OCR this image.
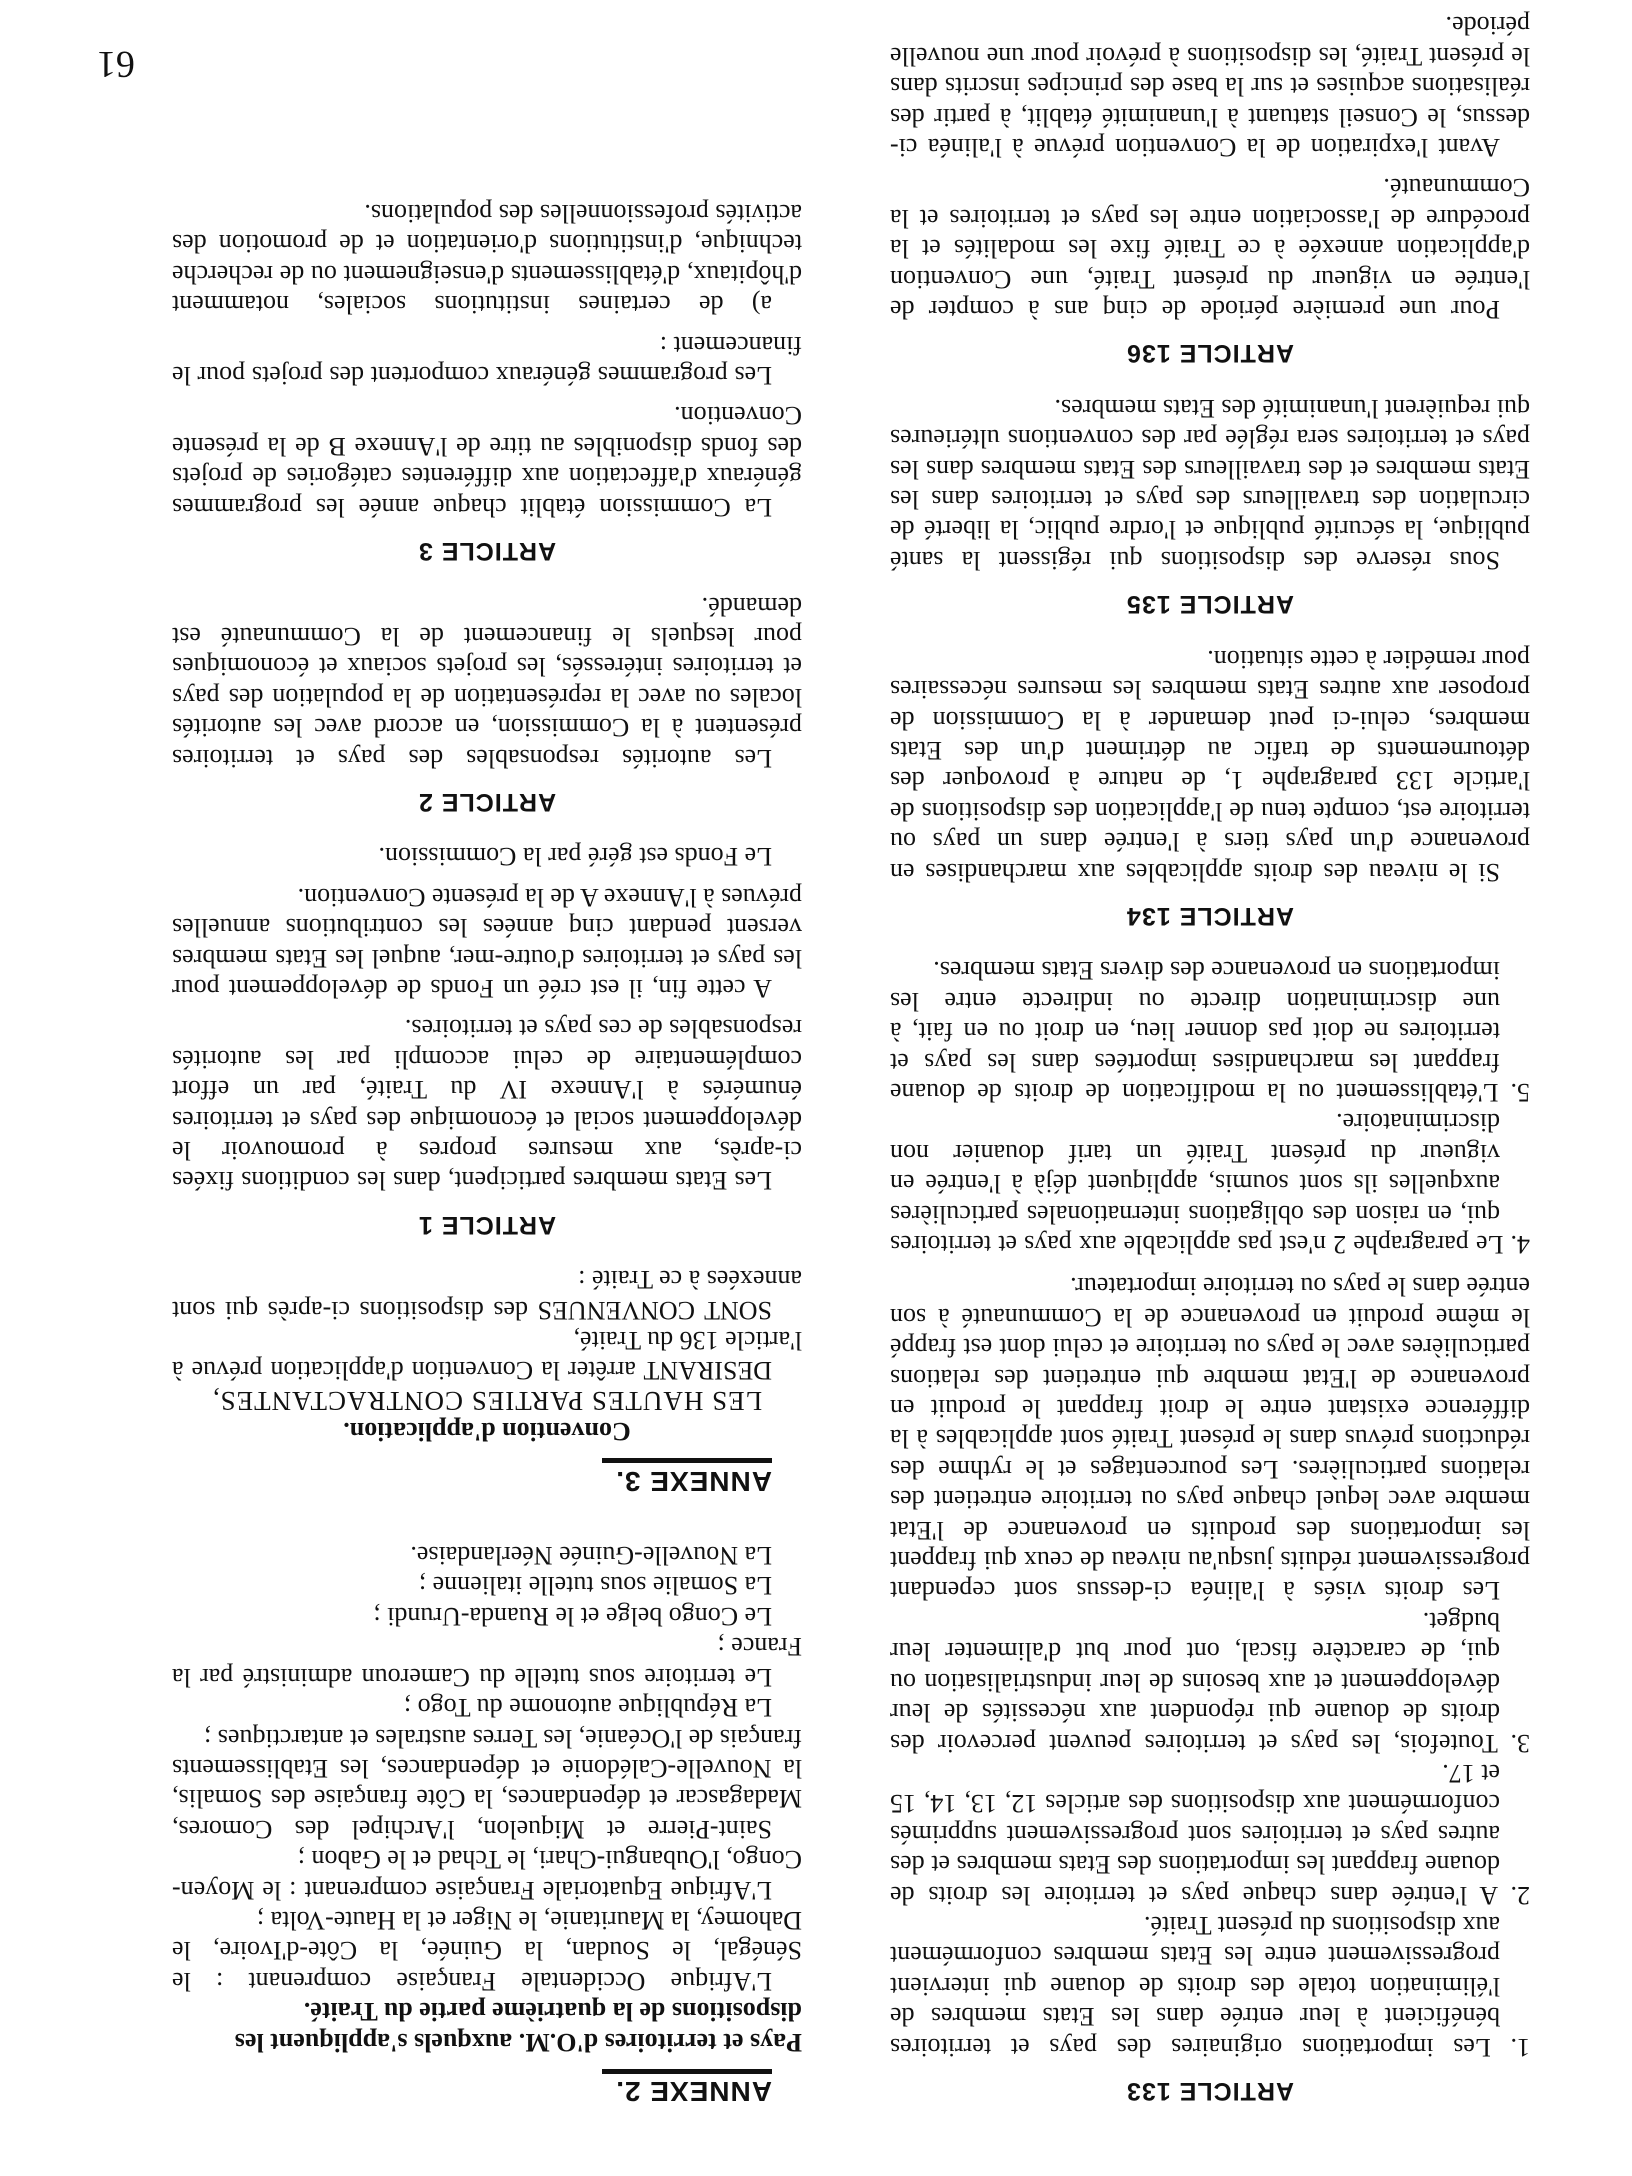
ARTICLE 133

1. Les importations originaires des pays et territoires bénéficient à leur entrée dans les Etats membres de l'élimination totale des droits de douane qui intervient progressivement entre les Etats membres conformément aux dispositions du présent Traité.

2. A l'entrée dans chaque pays et territoire les droits de douane frappant les importations des Etats membres et des autres pays et territoires sont progressivement supprimés conformément aux dispositions des articles 12, 13, 14, 15 et 17.

3. Toutefois, les pays et territoires peuvent percevoir des droits de douane qui répondent aux nécessités de leur développement et aux besoins de leur industrialisation ou qui, de caractère fiscal, ont pour but d'alimenter leur budget.

Les droits visés à l'alinéa ci-dessus sont cependant progressivement réduits jusqu'au niveau de ceux qui frappent les importations des produits en provenance de l'Etat membre avec lequel chaque pays ou territoire entretient des relations particulières. Les pourcentages et le rythme des réductions prévus dans le présent Traité sont applicables à la différence existant entre le droit frappant le produit en provenance de l'Etat membre qui entretient des relations particulières avec le pays ou territoire et celui dont est frappé le même produit en provenance de la Communauté à son entrée dans le pays ou territoire importateur.

4. Le paragraphe 2 n'est pas applicable aux pays et territoires qui, en raison des obligations internationales particulières auxquelles ils sont soumis, appliquent déjà à l'entrée en vigueur du présent Traité un tarif douanier non discriminatoire.

5. L'établissement ou la modification de droits de douane frappant les marchandises importées dans les pays et territoires ne doit pas donner lieu, en droit ou en fait, à une discrimination directe ou indirecte entre les importations en provenance des divers Etats membres.

ARTICLE 134

Si le niveau des droits applicables aux marchandises en provenance d'un pays tiers à l'entrée dans un pays ou territoire est, compte tenu de l'application des dispositions de l'article 133 paragraphe 1, de nature à provoquer des détournements de trafic au détriment d'un des Etats membres, celui-ci peut demander à la Commission de proposer aux autres Etats membres les mesures nécessaires pour remédier à cette situation.

ARTICLE 135

Sous réserve des dispositions qui régissent la santé publique, la sécurité publique et l'ordre public, la liberté de circulation des travailleurs des pays et territoires dans les Etats membres et des travailleurs des Etats membres dans les pays et territoires sera réglée par des conventions ultérieures qui requièrent l'unanimité des Etats membres.

ARTICLE 136

Pour une première période de cinq ans à compter de l'entrée en vigueur du présent Traité, une Convention d'application annexée à ce Traité fixe les modalités et la procédure de l'association entre les pays et territoires et la Communauté.

Avant l'expiration de la Convention prévue à l'alinéa ci-dessus, le Conseil statuant à l'unanimité établit, à partir des réalisations acquises et sur la base des principes inscrits dans le présent Traité, les dispositions à prévoir pour une nouvelle période.

ANNEXE 2.

Pays et territoires d'O.M. auxquels s'appliquent les dispositions de la quatrième partie du Traité.

L'Afrique Occidentale Française comprenant : le Sénégal, le Soudan, la Guinée, la Côte-d'Ivoire, le Dahomey, la Mauritanie, le Niger et la Haute-Volta ;

L'Afrique Equatoriale Française comprenant : le Moyen-Congo, l'Oubangui-Chari, le Tchad et le Gabon ;

Saint-Pierre et Miquelon, l'Archipel des Comores, Madagascar et dépendances, la Côte française des Somalis, la Nouvelle-Calédonie et dépendances, les Etablissements français de l'Océanie, les Terres australes et antarctiques ;

La République autonome du Togo ;

Le territoire sous tutelle du Cameroun administré par la France ;

Le Congo belge et le Ruanda-Urundi ;

La Somalie sous tutelle italienne ;

La Nouvelle-Guinée Néerlandaise.

ANNEXE 3.

Convention d'application.

LES HAUTES PARTIES CONTRACTANTES,

DESIRANT arrêter la Convention d'application prévue à l'article 136 du Traité,

SONT CONVENUES des dispositions ci-après qui sont annexées à ce Traité :

ARTICLE 1

Les Etats membres participent, dans les conditions fixées ci-après, aux mesures propres à promouvoir le développement social et économique des pays et territoires énumérés à l'Annexe IV du Traité, par un effort complémentaire de celui accompli par les autorités responsables de ces pays et territoires.

A cette fin, il est créé un Fonds de développement pour les pays et territoires d'outre-mer, auquel les Etats membres versent pendant cinq années les contributions annuelles prévues à l'Annexe A de la présente Convention.

Le Fonds est géré par la Commission.

ARTICLE 2

Les autorités responsables des pays et territoires présentent à la Commission, en accord avec les autorités locales ou avec la représentation de la population des pays et territoires intéressés, les projets sociaux et économiques pour lesquels le financement de la Communauté est demandé.

ARTICLE 3

La Commission établit chaque année les programmes généraux d'affectation aux différentes catégories de projets des fonds disponibles au titre de l'Annexe B de la présente Convention.

Les programmes généraux comportent des projets pour le financement :

a) de certaines institutions sociales, notamment d'hôpitaux, d'établissements d'enseignement ou de recherche technique, d'institutions d'orientation et de promotion des activités professionnelles des populations.

61
